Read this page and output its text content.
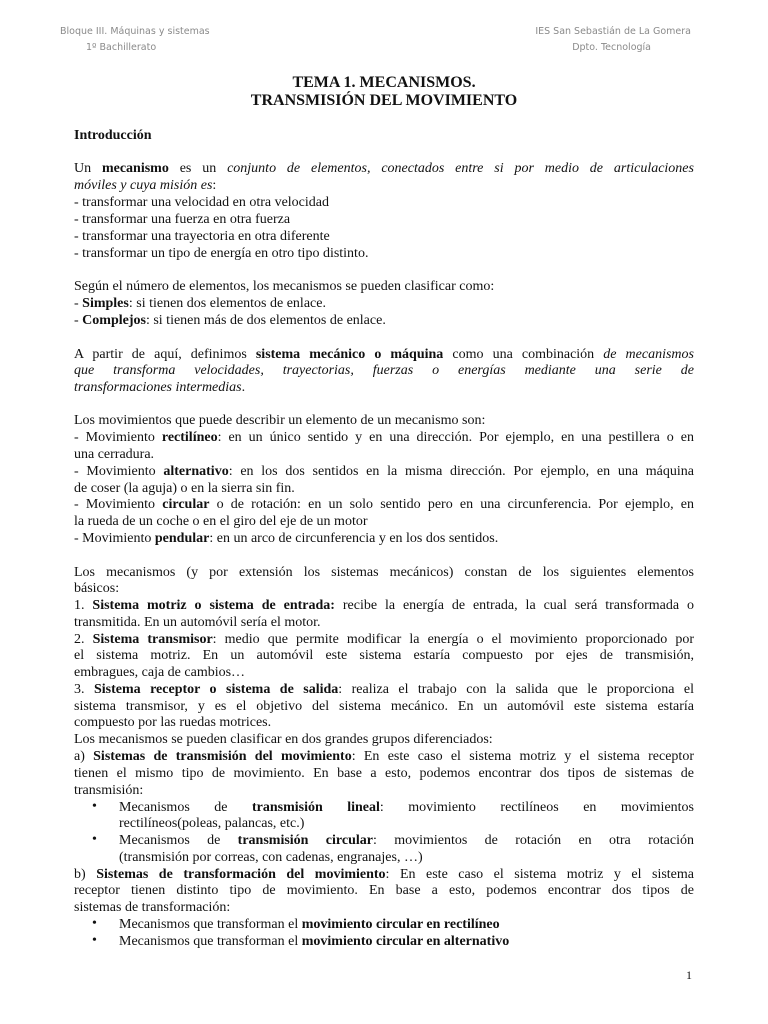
Bloque III. Máquinas y sistemas
1º Bachillerato
IES San Sebastián de La Gomera
Dpto. Tecnología
TEMA 1. MECANISMOS.
TRANSMISIÓN DEL MOVIMIENTO
Introducción
Un mecanismo es un conjunto de elementos, conectados entre si por medio de articulaciones
móviles y cuya misión es:
- transformar una velocidad en otra velocidad
- transformar una fuerza en otra fuerza
- transformar una trayectoria en otra diferente
- transformar un tipo de energía en otro tipo distinto.
Según el número de elementos, los mecanismos se pueden clasificar como:
- Simples: si tienen dos elementos de enlace.
- Complejos: si tienen más de dos elementos de enlace.
A partir de aquí, definimos sistema mecánico o máquina como una combinación de mecanismos
que transforma velocidades, trayectorias, fuerzas o energías mediante una serie de
transformaciones intermedias.
Los movimientos que puede describir un elemento de un mecanismo son:
- Movimiento rectilíneo: en un único sentido y en una dirección. Por ejemplo, en una pestillera o en
una cerradura.
- Movimiento alternativo: en los dos sentidos en la misma dirección. Por ejemplo, en una máquina
de coser (la aguja) o en la sierra sin fin.
- Movimiento circular o de rotación: en un solo sentido pero en una circunferencia. Por ejemplo, en
la rueda de un coche o en el giro del eje de un motor
- Movimiento pendular: en un arco de circunferencia y en los dos sentidos.
Los mecanismos (y por extensión los sistemas mecánicos) constan de los siguientes elementos
básicos:
1. Sistema motriz o sistema de entrada: recibe la energía de entrada, la cual será transformada o
transmitida. En un automóvil sería el motor.
2. Sistema transmisor: medio que permite modificar la energía o el movimiento proporcionado por
el sistema motriz. En un automóvil este sistema estaría compuesto por ejes de transmisión,
embragues, caja de cambios…
3. Sistema receptor o sistema de salida: realiza el trabajo con la salida que le proporciona el
sistema transmisor, y es el objetivo del sistema mecánico. En un automóvil este sistema estaría
compuesto por las ruedas motrices.
Los mecanismos se pueden clasificar en dos grandes grupos diferenciados:
a) Sistemas de transmisión del movimiento: En este caso el sistema motriz y el sistema receptor
tienen el mismo tipo de movimiento. En base a esto, podemos encontrar dos tipos de sistemas de
transmisión:
• Mecanismos de transmisión lineal: movimiento rectilíneos en movimientos
rectilíneos(poleas, palancas, etc.)
• Mecanismos de transmisión circular: movimientos de rotación en otra rotación
(transmisión por correas, con cadenas, engranajes, …)
b) Sistemas de transformación del movimiento: En este caso el sistema motriz y el sistema
receptor tienen distinto tipo de movimiento. En base a esto, podemos encontrar dos tipos de
sistemas de transformación:
• Mecanismos que transforman el movimiento circular en rectilíneo
• Mecanismos que transforman el movimiento circular en alternativo
1
